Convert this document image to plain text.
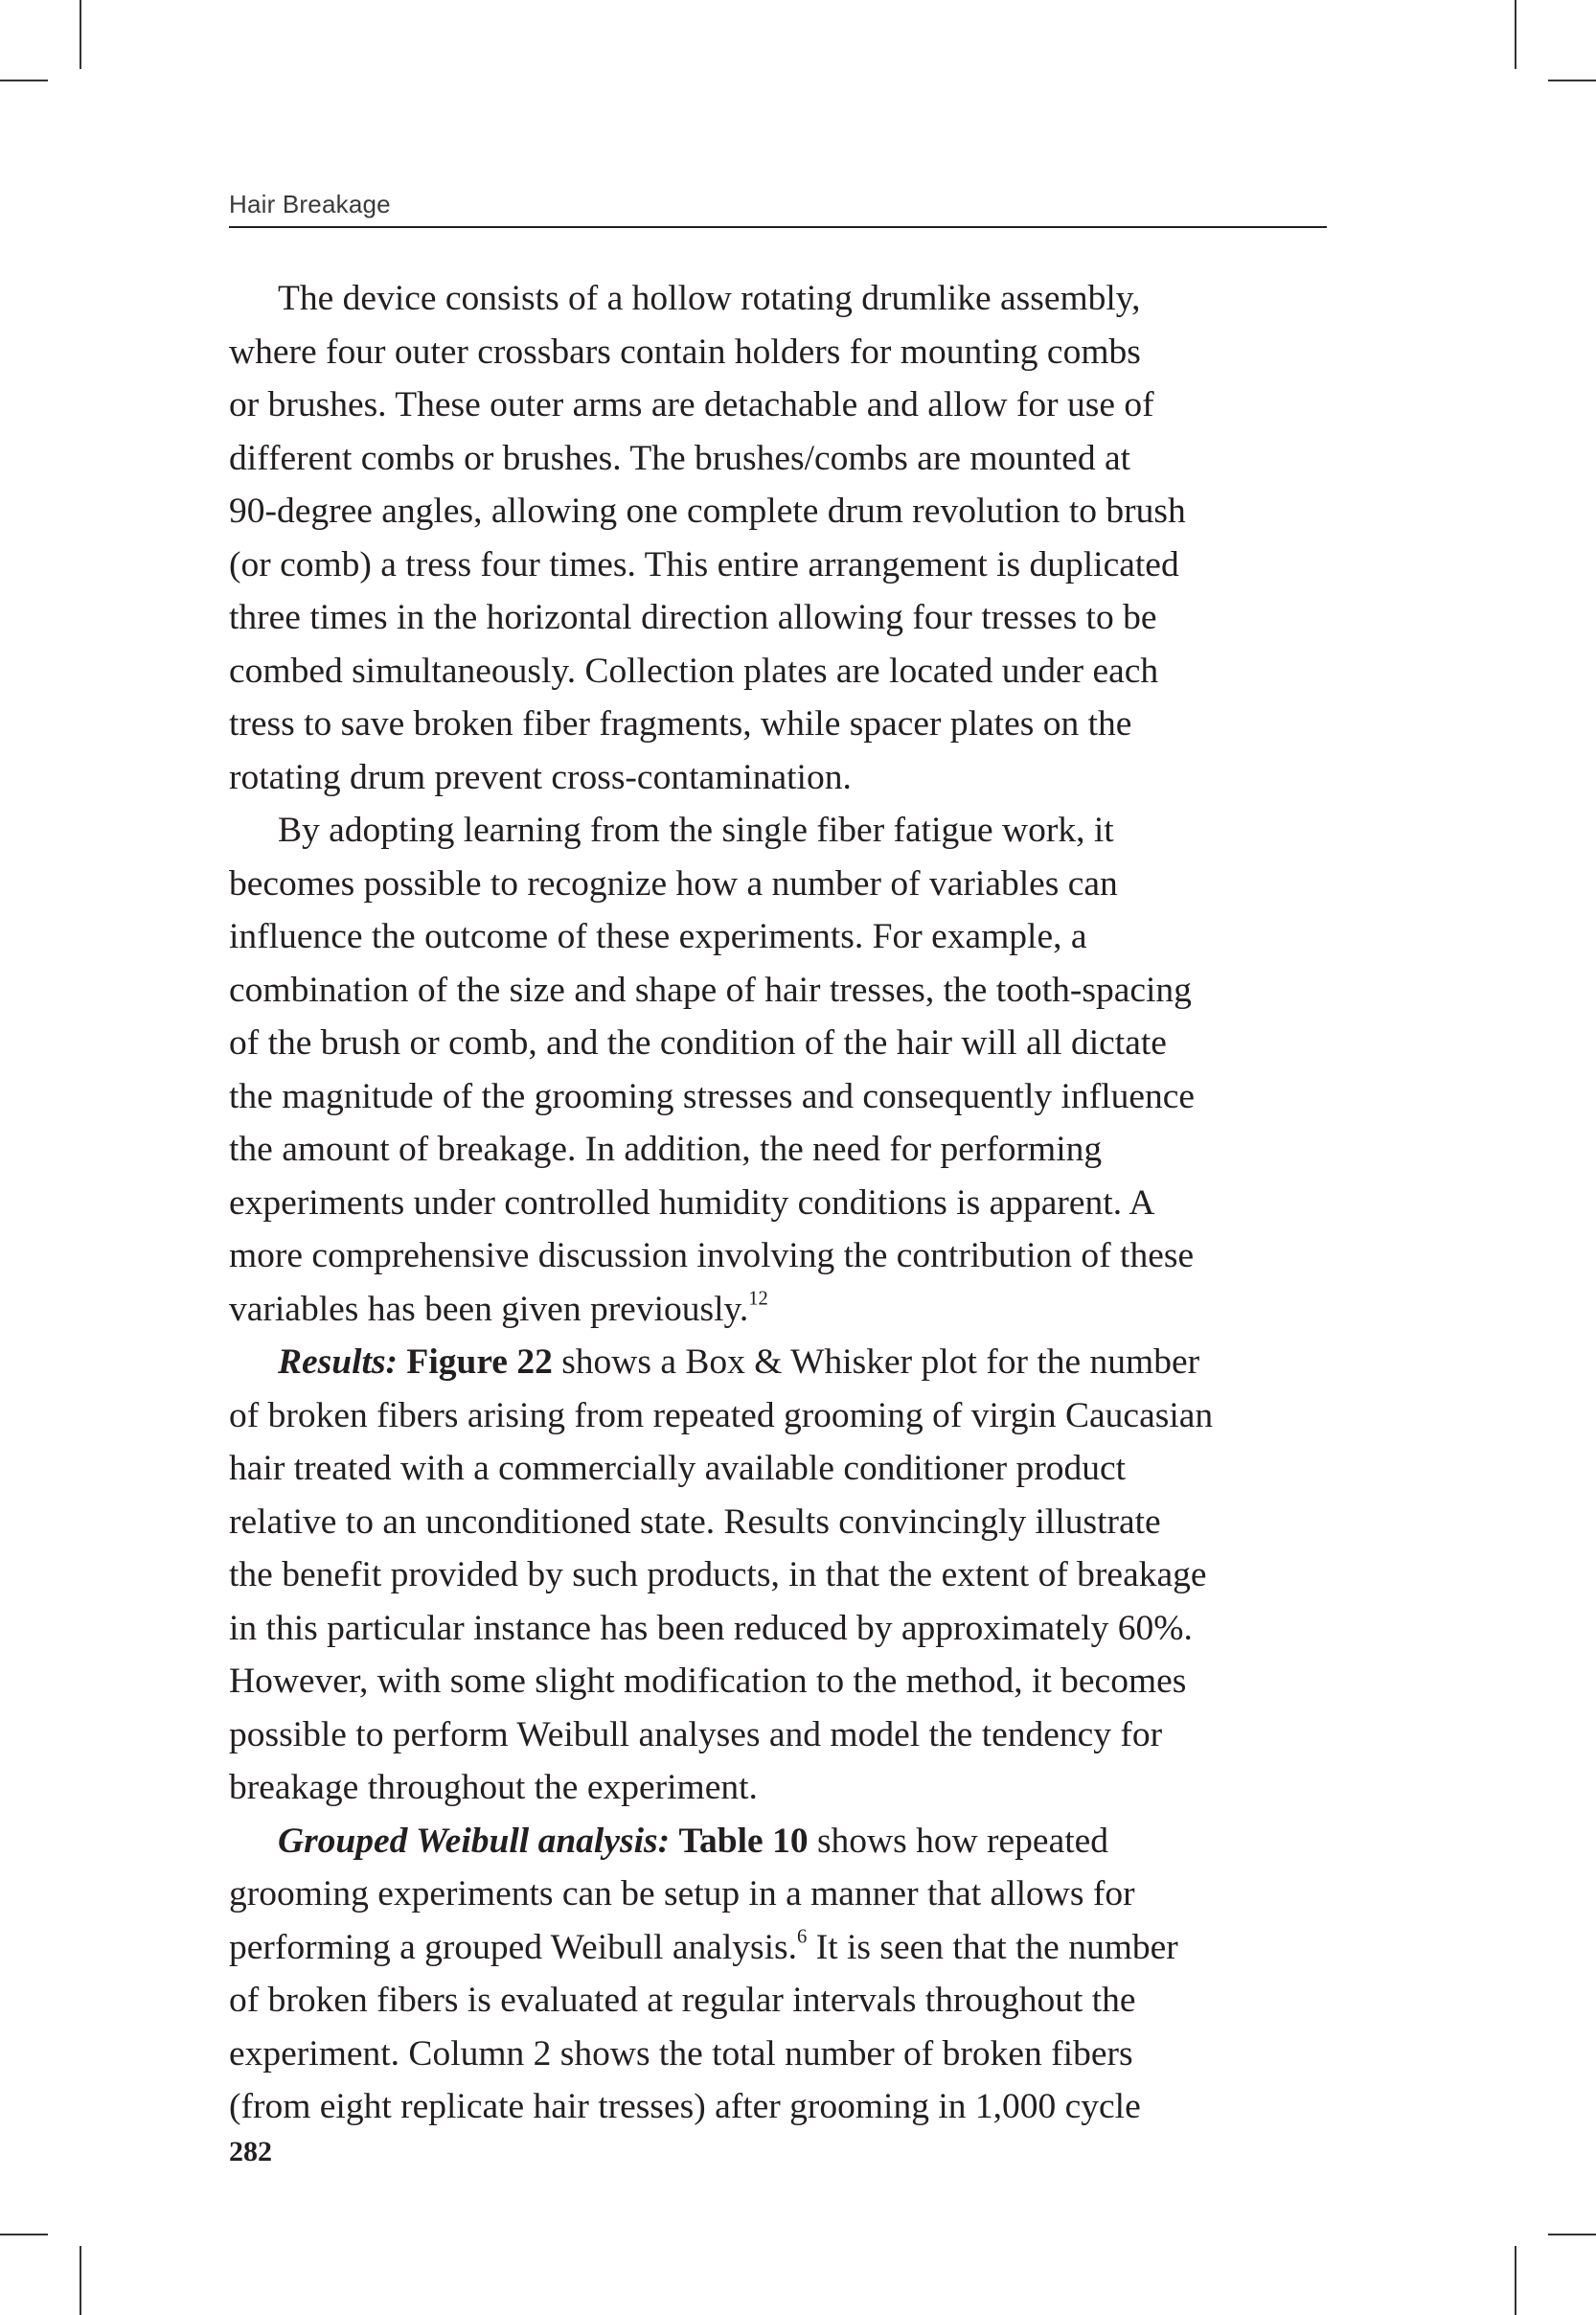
Hair Breakage
The device consists of a hollow rotating drumlike assembly,
where four outer crossbars contain holders for mounting combs
or brushes. These outer arms are detachable and allow for use of
different combs or brushes. The brushes/combs are mounted at
90-degree angles, allowing one complete drum revolution to brush
(or comb) a tress four times. This entire arrangement is duplicated
three times in the horizontal direction allowing four tresses to be
combed simultaneously. Collection plates are located under each
tress to save broken fiber fragments, while spacer plates on the
rotating drum prevent cross-contamination.
By adopting learning from the single fiber fatigue work, it
becomes possible to recognize how a number of variables can
influence the outcome of these experiments. For example, a
combination of the size and shape of hair tresses, the tooth-spacing
of the brush or comb, and the condition of the hair will all dictate
the magnitude of the grooming stresses and consequently influence
the amount of breakage. In addition, the need for performing
experiments under controlled humidity conditions is apparent. A
more comprehensive discussion involving the contribution of these
variables has been given previously.$^{12}$
Results: Figure 22 shows a Box & Whisker plot for the number
of broken fibers arising from repeated grooming of virgin Caucasian
hair treated with a commercially available conditioner product
relative to an unconditioned state. Results convincingly illustrate
the benefit provided by such products, in that the extent of breakage
in this particular instance has been reduced by approximately 60%.
However, with some slight modification to the method, it becomes
possible to perform Weibull analyses and model the tendency for
breakage throughout the experiment.
Grouped Weibull analysis: Table 10 shows how repeated
grooming experiments can be setup in a manner that allows for
performing a grouped Weibull analysis.$^6$ It is seen that the number
of broken fibers is evaluated at regular intervals throughout the
experiment. Column 2 shows the total number of broken fibers
(from eight replicate hair tresses) after grooming in 1,000 cycle
282
